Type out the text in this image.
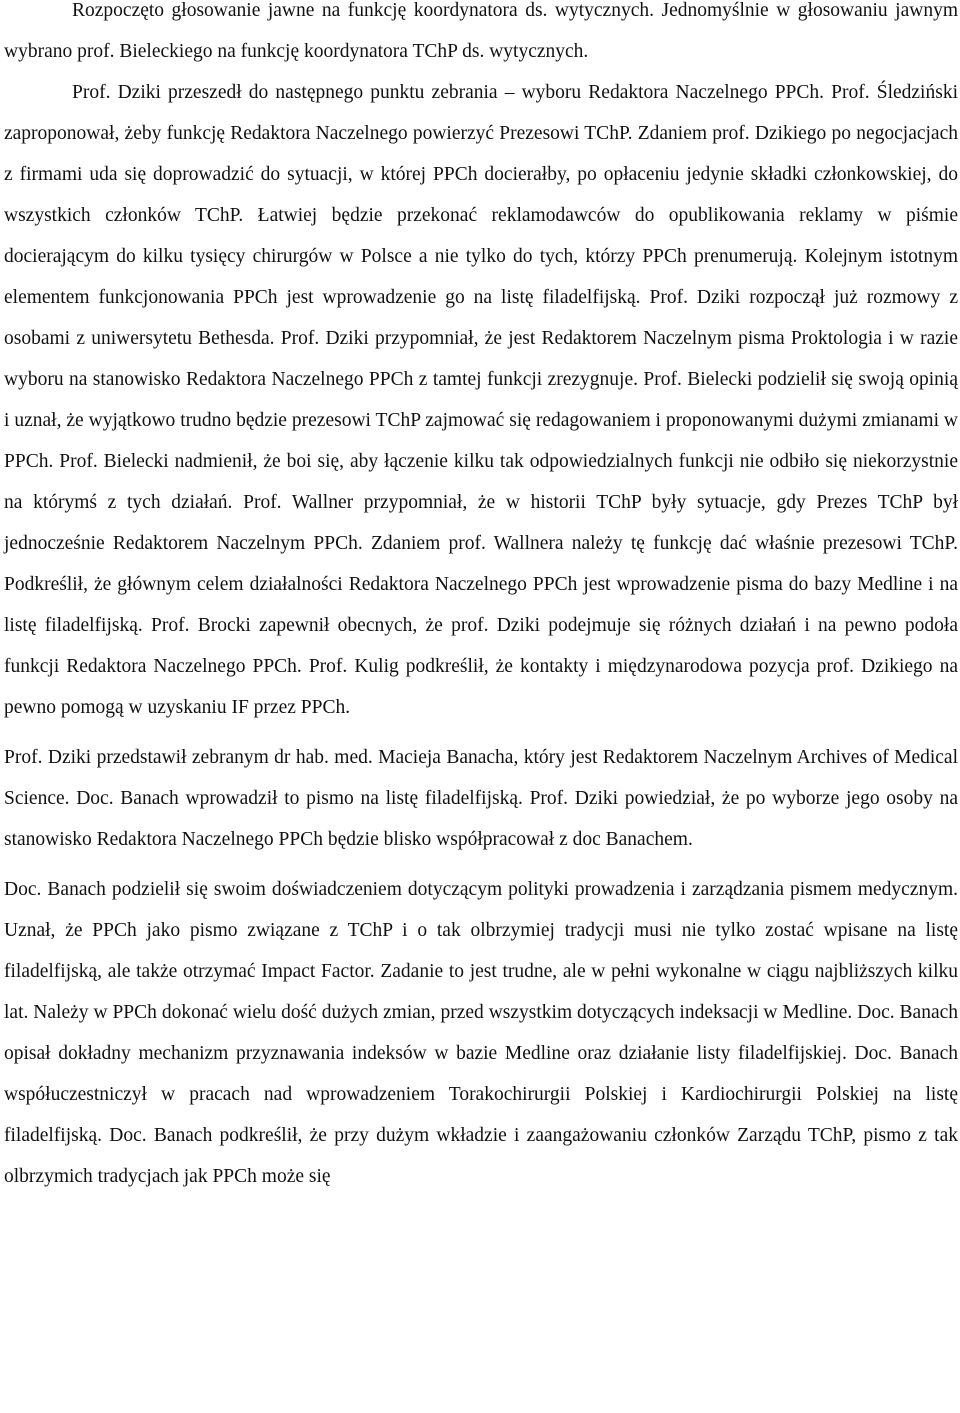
Rozpoczęto głosowanie jawne na funkcję koordynatora ds. wytycznych. Jednomyślnie w głosowaniu jawnym wybrano prof. Bieleckiego na funkcję koordynatora TChP ds. wytycznych.

Prof. Dziki przeszedł do następnego punktu zebrania – wyboru Redaktora Naczelnego PPCh. Prof. Śledziński zaproponował, żeby funkcję Redaktora Naczelnego powierzyć Prezesowi TChP. Zdaniem prof. Dzikiego po negocjacjach z firmami uda się doprowadzić do sytuacji, w której PPCh docierałby, po opłaceniu jedynie składki członkowskiej, do wszystkich członków TChP. Łatwiej będzie przekonać reklamodawców do opublikowania reklamy w piśmie docierającym do kilku tysięcy chirurgów w Polsce a nie tylko do tych, którzy PPCh prenumerują. Kolejnym istotnym elementem funkcjonowania PPCh jest wprowadzenie go na listę filadelfijską. Prof. Dziki rozpoczął już rozmowy z osobami z uniwersytetu Bethesda. Prof. Dziki przypomniał, że jest Redaktorem Naczelnym pisma Proktologia i w razie wyboru na stanowisko Redaktora Naczelnego PPCh z tamtej funkcji zrezygnuje. Prof. Bielecki podzielił się swoją opinią i uznał, że wyjątkowo trudno będzie prezesowi TChP zajmować się redagowaniem i proponowanymi dużymi zmianami w PPCh. Prof. Bielecki nadmienił, że boi się, aby łączenie kilku tak odpowiedzialnych funkcji nie odbiło się niekorzystnie na którymś z tych działań. Prof. Wallner przypomniał, że w historii TChP były sytuacje, gdy Prezes TChP był jednocześnie Redaktorem Naczelnym PPCh. Zdaniem prof. Wallnera należy tę funkcję dać właśnie prezesowi TChP. Podkreślił, że głównym celem działalności Redaktora Naczelnego PPCh jest wprowadzenie pisma do bazy Medline i na listę filadelfijską. Prof. Brocki zapewnił obecnych, że prof. Dziki podejmuje się różnych działań i na pewno podoła funkcji Redaktora Naczelnego PPCh. Prof. Kulig podkreślił, że kontakty i międzynarodowa pozycja prof. Dzikiego na pewno pomogą w uzyskaniu IF przez PPCh.

Prof. Dziki przedstawił zebranym dr hab. med. Macieja Banacha, który jest Redaktorem Naczelnym Archives of Medical Science. Doc. Banach wprowadził to pismo na listę filadelfijską. Prof. Dziki powiedział, że po wyborze jego osoby na stanowisko Redaktora Naczelnego PPCh będzie blisko współpracował z doc Banachem.

Doc. Banach podzielił się swoim doświadczeniem dotyczącym polityki prowadzenia i zarządzania pismem medycznym. Uznał, że PPCh jako pismo związane z TChP i o tak olbrzymiej tradycji musi nie tylko zostać wpisane na listę filadelfijską, ale także otrzymać Impact Factor. Zadanie to jest trudne, ale w pełni wykonalne w ciągu najbliższych kilku lat. Należy w PPCh dokonać wielu dość dużych zmian, przed wszystkim dotyczących indeksacji w Medline. Doc. Banach opisał dokładny mechanizm przyznawania indeksów w bazie Medline oraz działanie listy filadelfijskiej. Doc. Banach współuczestniczył w pracach nad wprowadzeniem Torakochirurgii Polskiej i Kardiochirurgii Polskiej na listę filadelfijską. Doc. Banach podkreślił, że przy dużym wkładzie i zaangażowaniu członków Zarządu TChP, pismo z tak olbrzymich tradycjach jak PPCh może się
